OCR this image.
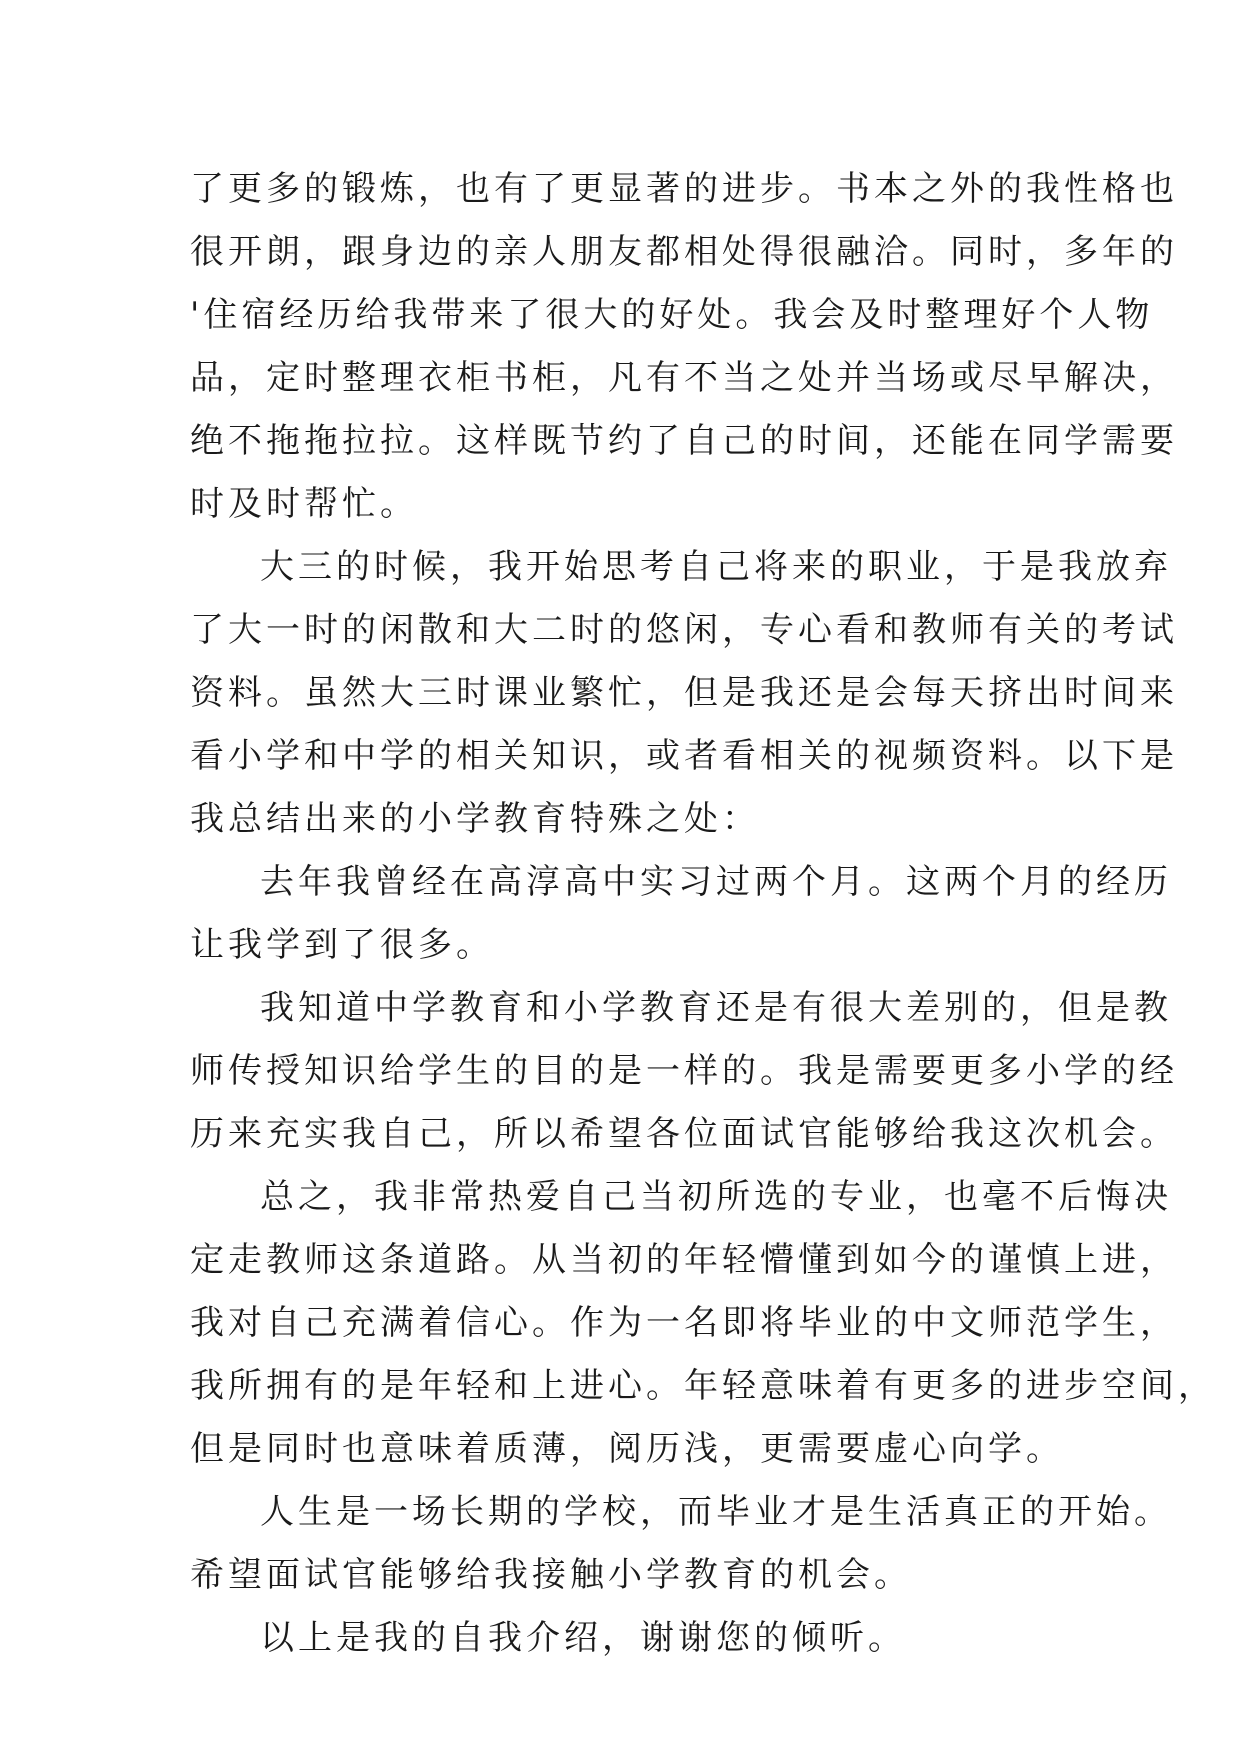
了更多的锻炼，也有了更显著的进步。书本之外的我性格也
很开朗，跟身边的亲人朋友都相处得很融洽。同时，多年的
'住宿经历给我带来了很大的好处。我会及时整理好个人物
品，定时整理衣柜书柜，凡有不当之处并当场或尽早解决，
绝不拖拖拉拉。这样既节约了自己的时间，还能在同学需要
时及时帮忙。
大三的时候，我开始思考自己将来的职业，于是我放弃
了大一时的闲散和大二时的悠闲，专心看和教师有关的考试
资料。虽然大三时课业繁忙，但是我还是会每天挤出时间来
看小学和中学的相关知识，或者看相关的视频资料。以下是
我总结出来的小学教育特殊之处：
去年我曾经在高淳高中实习过两个月。这两个月的经历
让我学到了很多。
我知道中学教育和小学教育还是有很大差别的，但是教
师传授知识给学生的目的是一样的。我是需要更多小学的经
历来充实我自己，所以希望各位面试官能够给我这次机会。
总之，我非常热爱自己当初所选的专业，也毫不后悔决
定走教师这条道路。从当初的年轻懵懂到如今的谨慎上进，
我对自己充满着信心。作为一名即将毕业的中文师范学生，
我所拥有的是年轻和上进心。年轻意味着有更多的进步空间，
但是同时也意味着质薄，阅历浅，更需要虚心向学。
人生是一场长期的学校，而毕业才是生活真正的开始。
希望面试官能够给我接触小学教育的机会。
以上是我的自我介绍，谢谢您的倾听。
